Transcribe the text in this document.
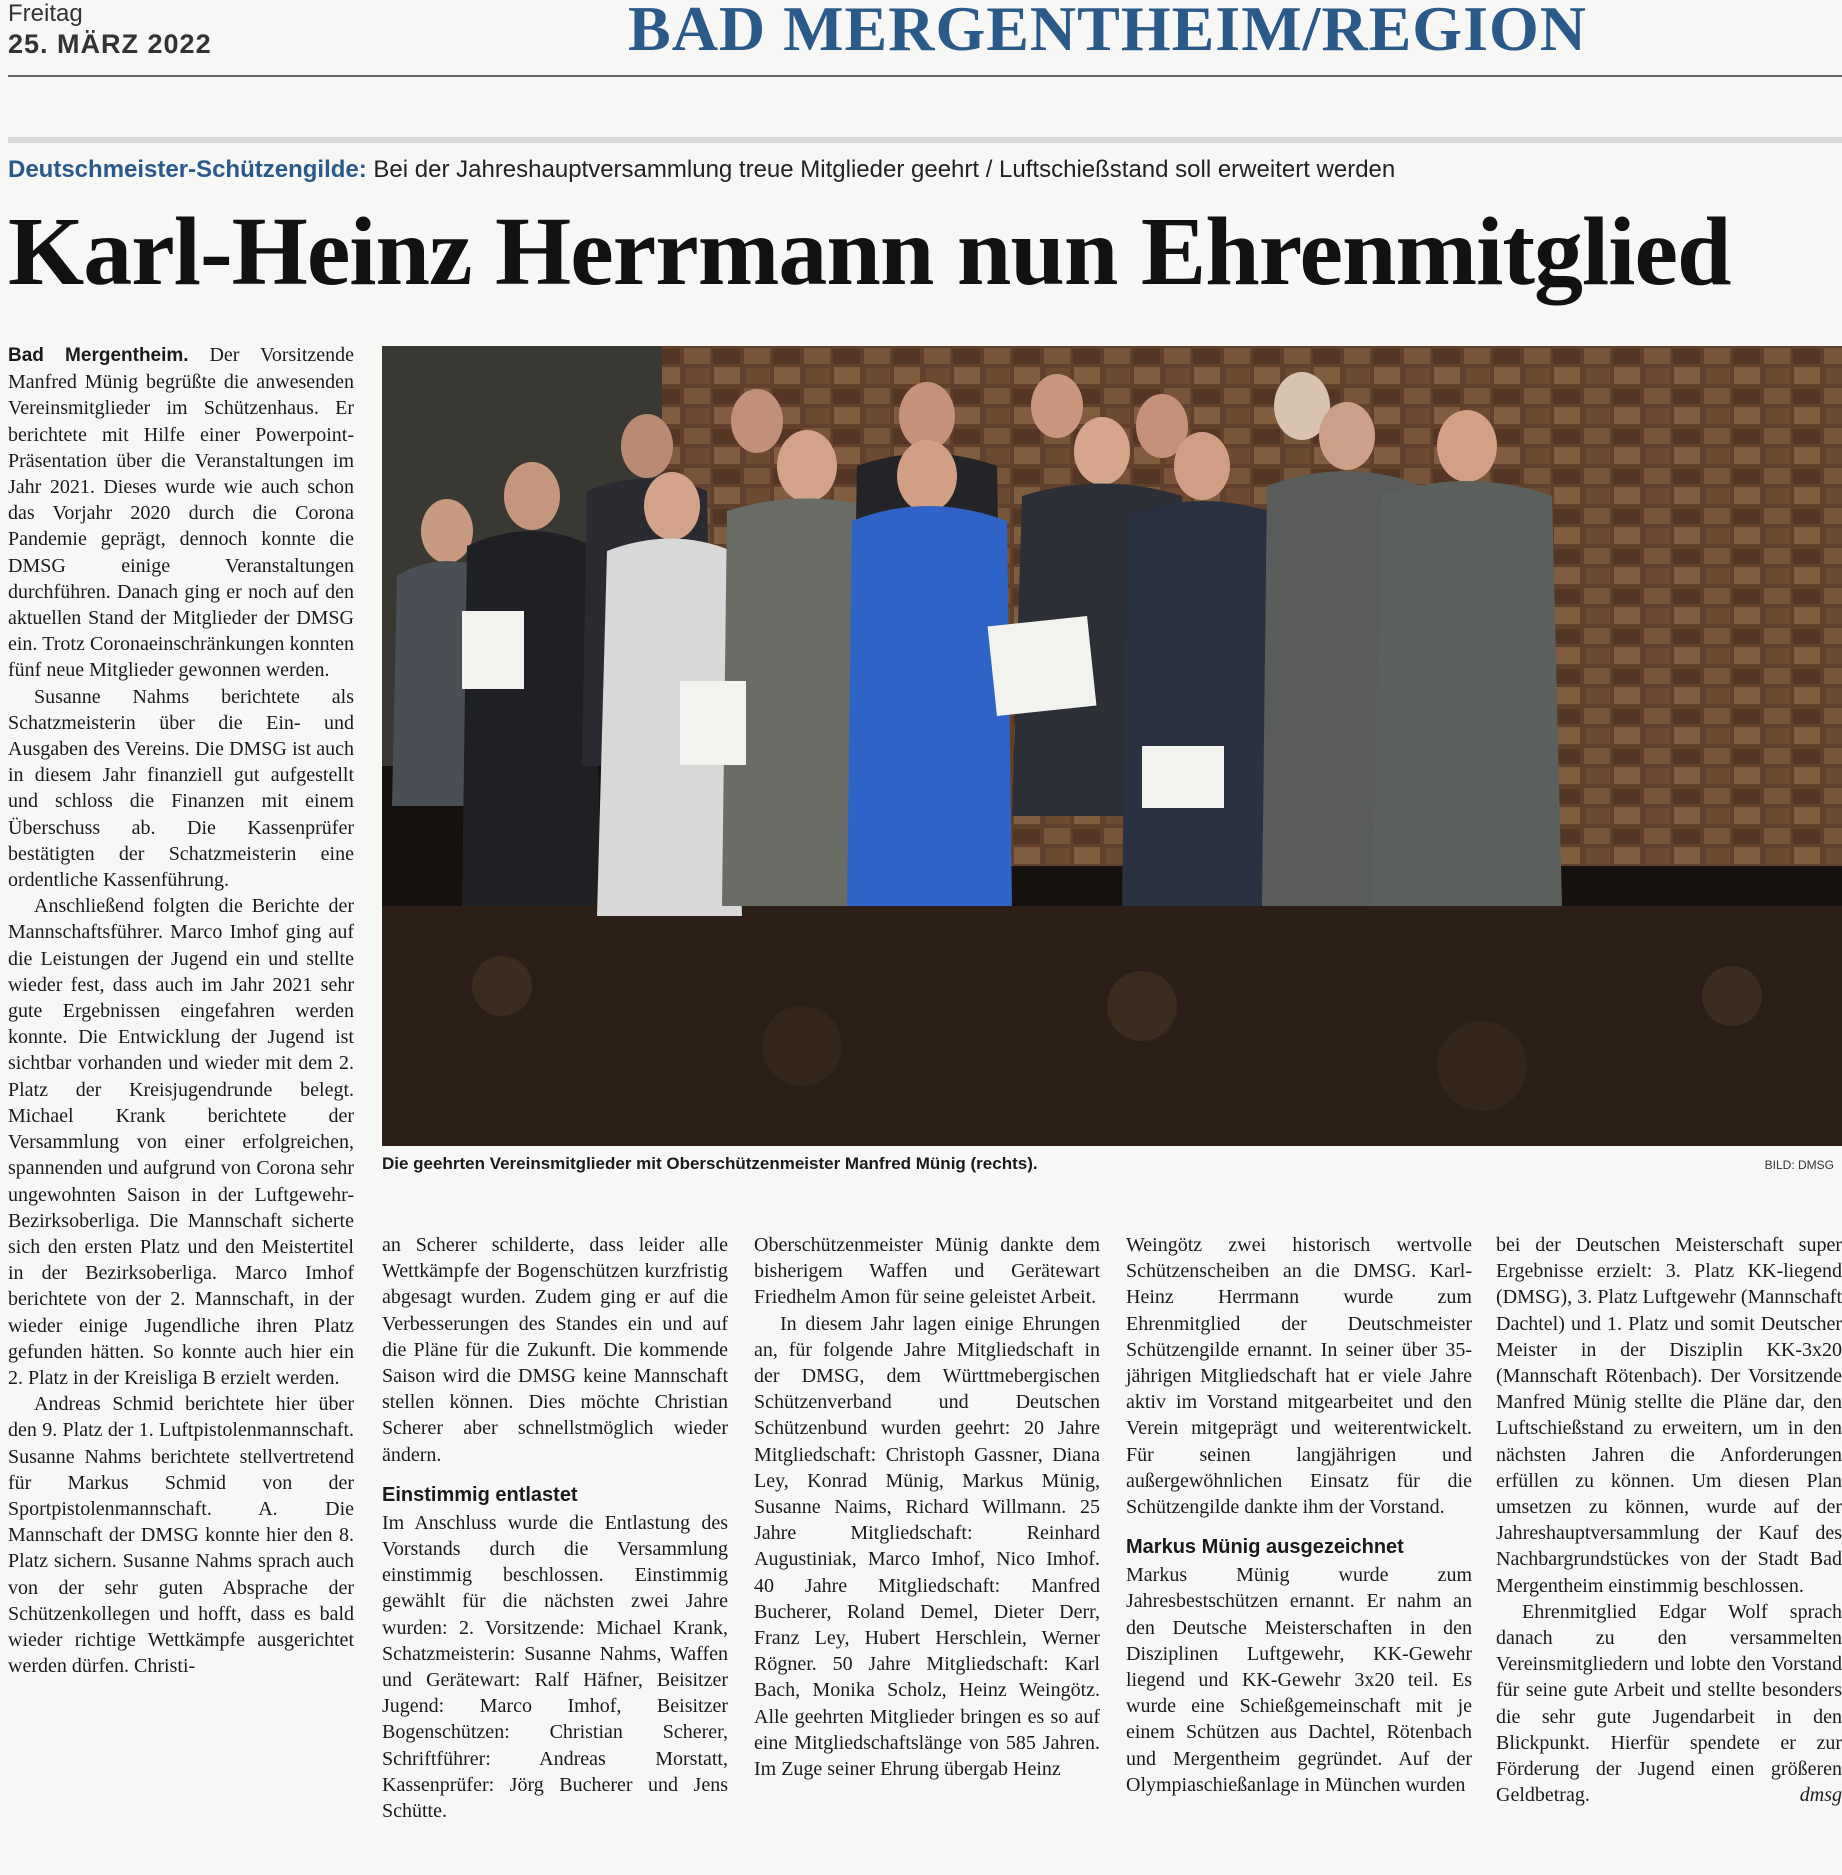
Freitag
25. MÄRZ 2022	BAD MERGENTHEIM/REGION
Deutschmeister-Schützengilde: Bei der Jahreshauptversammlung treue Mitglieder geehrt / Luftschießstand soll erweitert werden
Karl-Heinz Herrmann nun Ehrenmitglied
Die geehrten Vereinsmitglieder mit Oberschützenmeister Manfred Münig (rechts).	BILD: DMSG

Bad Mergentheim. Der Vorsitzende Manfred Münig begrüßte die anwesenden Vereinsmitglieder im Schützenhaus. Er berichtete mit Hilfe einer Powerpoint-Präsentation über die Veranstaltungen im Jahr 2021. Dieses wurde wie auch schon das Vorjahr 2020 durch die Corona Pandemie geprägt, dennoch konnte die DMSG einige Veranstaltungen durchführen. Danach ging er noch auf den aktuellen Stand der Mitglieder der DMSG ein. Trotz Coronaeinschränkungen konnten fünf neue Mitglieder gewonnen werden.

Susanne Nahms berichtete als Schatzmeisterin über die Ein- und Ausgaben des Vereins. Die DMSG ist auch in diesem Jahr finanziell gut aufgestellt und schloss die Finanzen mit einem Überschuss ab. Die Kassenprüfer bestätigten der Schatzmeisterin eine ordentliche Kassenführung.

Anschließend folgten die Berichte der Mannschaftsführer. Marco Imhof ging auf die Leistungen der Jugend ein und stellte wieder fest, dass auch im Jahr 2021 sehr gute Ergebnissen eingefahren werden konnte. Die Entwicklung der Jugend ist sichtbar vorhanden und wieder mit dem 2. Platz der Kreisjugendrunde belegt. Michael Krank berichtete der Versammlung von einer erfolgreichen, spannenden und aufgrund von Corona sehr ungewohnten Saison in der Luftgewehr-Bezirksoberliga. Die Mannschaft sicherte sich den ersten Platz und den Meistertitel in der Bezirksoberliga. Marco Imhof berichtete von der 2. Mannschaft, in der wieder einige Jugendliche ihren Platz gefunden hätten. So konnte auch hier ein 2. Platz in der Kreisliga B erzielt werden.

Andreas Schmid berichtete hier über den 9. Platz der 1. Luftpistolenmannschaft. Susanne Nahms berichtete stellvertretend für Markus Schmid von der Sportpistolenmannschaft. A. Die Mannschaft der DMSG konnte hier den 8. Platz sichern. Susanne Nahms sprach auch von der sehr guten Absprache der Schützenkollegen und hofft, dass es bald wieder richtige Wettkämpfe ausgerichtet werden dürfen. Christi-

an Scherer schilderte, dass leider alle Wettkämpfe der Bogenschützen kurzfristig abgesagt wurden. Zudem ging er auf die Verbesserungen des Standes ein und auf die Pläne für die Zukunft. Die kommende Saison wird die DMSG keine Mannschaft stellen können. Dies möchte Christian Scherer aber schnellstmöglich wieder ändern.

Einstimmig entlastet

Im Anschluss wurde die Entlastung des Vorstands durch die Versammlung einstimmig beschlossen. Einstimmig gewählt für die nächsten zwei Jahre wurden: 2. Vorsitzende: Michael Krank, Schatzmeisterin: Susanne Nahms, Waffen und Gerätewart: Ralf Häfner, Beisitzer Jugend: Marco Imhof, Beisitzer Bogenschützen: Christian Scherer, Schriftführer: Andreas Morstatt, Kassenprüfer: Jörg Bucherer und Jens Schütte.

Oberschützenmeister Münig dankte dem bisherigem Waffen und Gerätewart Friedhelm Amon für seine geleistet Arbeit.

In diesem Jahr lagen einige Ehrungen an, für folgende Jahre Mitgliedschaft in der DMSG, dem Württmebergischen Schützenverband und Deutschen Schützenbund wurden geehrt: 20 Jahre Mitgliedschaft: Christoph Gassner, Diana Ley, Konrad Münig, Markus Münig, Susanne Naims, Richard Willmann. 25 Jahre Mitgliedschaft: Reinhard Augustiniak, Marco Imhof, Nico Imhof. 40 Jahre Mitgliedschaft: Manfred Bucherer, Roland Demel, Dieter Derr, Franz Ley, Hubert Herschlein, Werner Rögner. 50 Jahre Mitgliedschaft: Karl Bach, Monika Scholz, Heinz Weingötz. Alle geehrten Mitglieder bringen es so auf eine Mitgliedschaftslänge von 585 Jahren. Im Zuge seiner Ehrung übergab Heinz

Weingötz zwei historisch wertvolle Schützenscheiben an die DMSG. Karl-Heinz Herrmann wurde zum Ehrenmitglied der Deutschmeister Schützengilde ernannt. In seiner über 35-jährigen Mitgliedschaft hat er viele Jahre aktiv im Vorstand mitgearbeitet und den Verein mitgeprägt und weiterentwickelt. Für seinen langjährigen und außergewöhnlichen Einsatz für die Schützengilde dankte ihm der Vorstand.

Markus Münig ausgezeichnet

Markus Münig wurde zum Jahresbestschützen ernannt. Er nahm an den Deutsche Meisterschaften in den Disziplinen Luftgewehr, KK-Gewehr liegend und KK-Gewehr 3x20 teil. Es wurde eine Schießgemeinschaft mit je einem Schützen aus Dachtel, Rötenbach und Mergentheim gegründet. Auf der Olympiaschießanlage in München wurden

bei der Deutschen Meisterschaft super Ergebnisse erzielt: 3. Platz KK-liegend (DMSG), 3. Platz Luftgewehr (Mannschaft Dachtel) und 1. Platz und somit Deutscher Meister in der Disziplin KK-3x20 (Mannschaft Rötenbach). Der Vorsitzende Manfred Münig stellte die Pläne dar, den Luftschießstand zu erweitern, um in den nächsten Jahren die Anforderungen erfüllen zu können. Um diesen Plan umsetzen zu können, wurde auf der Jahreshauptversammlung der Kauf des Nachbargrundstückes von der Stadt Bad Mergentheim einstimmig beschlossen.

Ehrenmitglied Edgar Wolf sprach danach zu den versammelten Vereinsmitgliedern und lobte den Vorstand für seine gute Arbeit und stellte besonders die sehr gute Jugendarbeit in den Blickpunkt. Hierfür spendete er zur Förderung der Jugend einen größeren Geldbetrag.	dmsg
